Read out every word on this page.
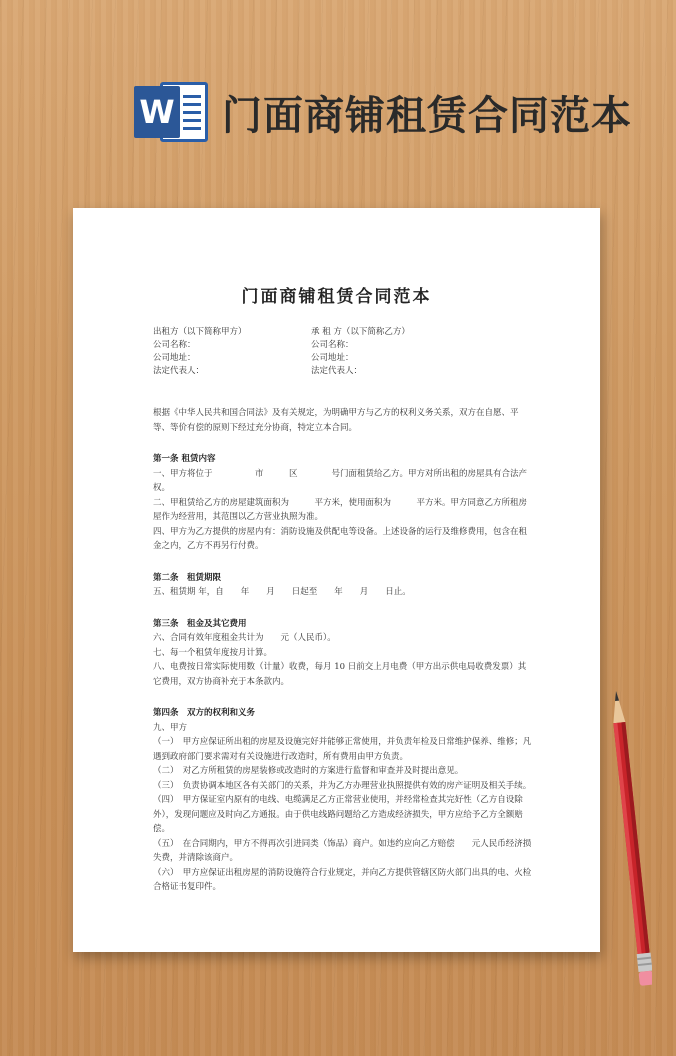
W 门面商铺租赁合同范本
门面商铺租赁合同范本
出租方（以下简称甲方）	承 租 方（以下简称乙方）
公司名称：	公司名称：
公司地址：	公司地址：
法定代表人：	法定代表人：

根据《中华人民共和国合同法》及有关规定，为明确甲方与乙方的权利义务关系，双方在自愿、平等、等价有偿的原则下经过充分协商，特定立本合同。

第一条 租赁内容

一、甲方将位于　　　　　市　　　区　　　　号门面租赁给乙方。甲方对所出租的房屋具有合法产权。

二、甲租赁给乙方的房屋建筑面积为　　　平方米，使用面积为　　　平方米。甲方同意乙方所租房屋作为经营用，其范围以乙方营业执照为准。

四、甲方为乙方提供的房屋内有：消防设施及供配电等设备。上述设备的运行及维修费用，包含在租金之内，乙方不再另行付费。

第二条　租赁期限

五、租赁期 年，自　　年　　月　　日起至　　年　　月　　日止。

第三条　租金及其它费用

六、合同有效年度租金共计为　　元（人民币）。

七、每一个租赁年度按月计算。

八、电费按日常实际使用数（计量）收费，每月 10 日前交上月电费（甲方出示供电局收费发票）其它费用，双方协商补充于本条款内。

第四条　双方的权利和义务

九、甲方

（一）　甲方应保证所出租的房屋及设施完好并能够正常使用，并负责年检及日常维护保养、维修；凡遇到政府部门要求需对有关设施进行改造时，所有费用由甲方负责。

（二）　对乙方所租赁的房屋装修或改造时的方案进行监督和审查并及时提出意见。

（三）　负责协调本地区各有关部门的关系，并为乙方办理营业执照提供有效的房产证明及相关手续。

（四）　甲方保证室内原有的电线、电缆满足乙方正常营业使用，并经常检查其完好性（乙方自设除外），发现问题应及时向乙方通报。由于供电线路问题给乙方造成经济损失，甲方应给予乙方全额赔偿。

（五）　在合同期内，甲方不得再次引进同类（饰品）商户。如违约应向乙方赔偿　　元人民币经济损失费，并清除该商户。

（六）　甲方应保证出租房屋的消防设施符合行业规定，并向乙方提供管辖区防火部门出具的电、火检合格证书复印件。
